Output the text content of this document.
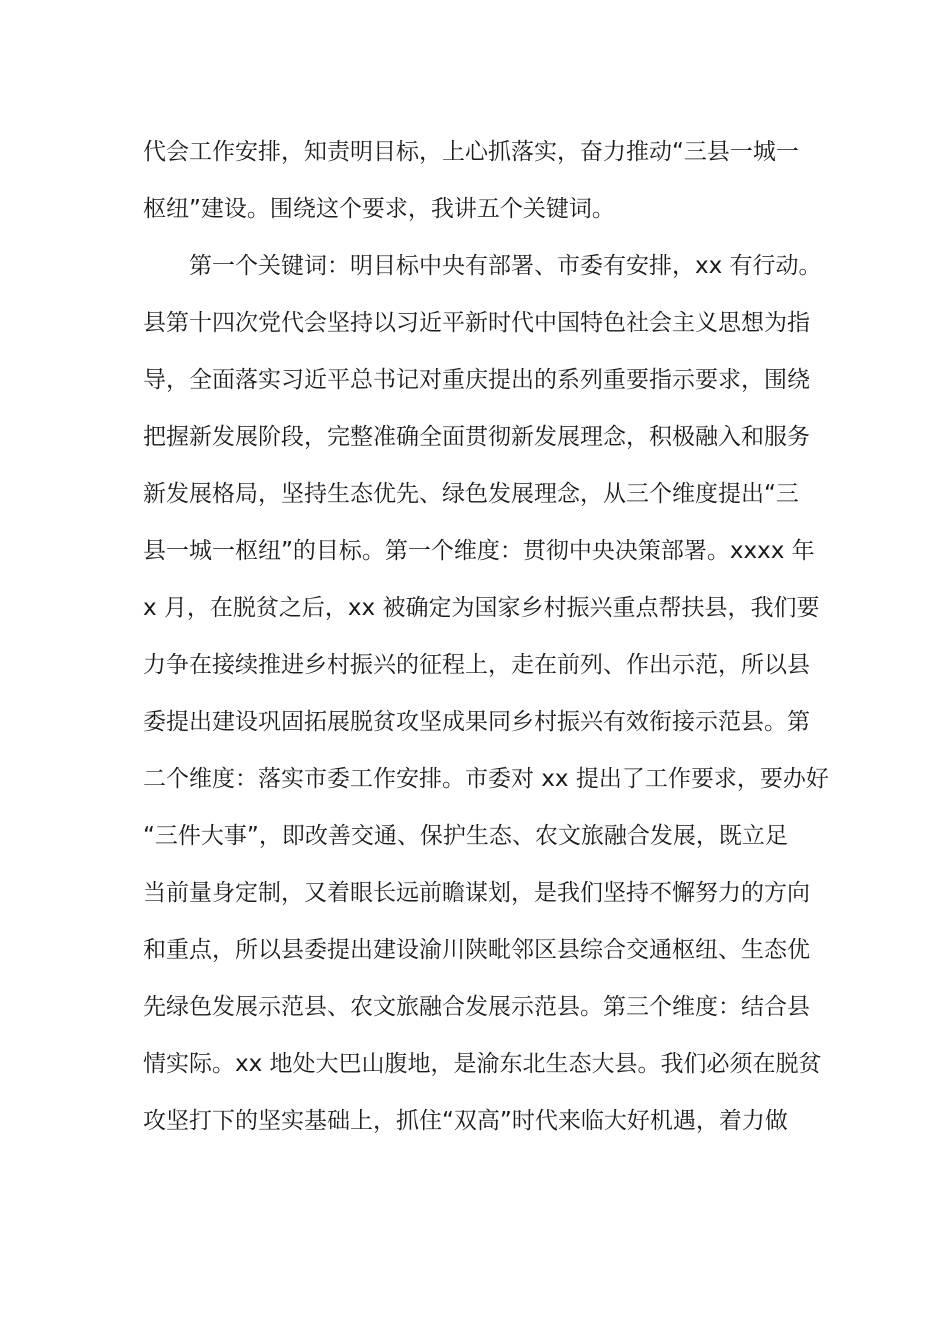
代会工作安排，知责明目标，上心抓落实，奋力推动“三县一城一
枢纽”建设。围绕这个要求，我讲五个关键词。
第一个关键词：明目标中央有部署、市委有安排，xx 有行动。
县第十四次党代会坚持以习近平新时代中国特色社会主义思想为指
导，全面落实习近平总书记对重庆提出的系列重要指示要求，围绕
把握新发展阶段，完整准确全面贯彻新发展理念，积极融入和服务
新发展格局，坚持生态优先、绿色发展理念，从三个维度提出“三
县一城一枢纽”的目标。第一个维度：贯彻中央决策部署。xxxx 年
x 月，在脱贫之后，xx 被确定为国家乡村振兴重点帮扶县，我们要
力争在接续推进乡村振兴的征程上，走在前列、作出示范，所以县
委提出建设巩固拓展脱贫攻坚成果同乡村振兴有效衔接示范县。第
二个维度：落实市委工作安排。市委对 xx 提出了工作要求，要办好
“三件大事”，即改善交通、保护生态、农文旅融合发展，既立足
当前量身定制，又着眼长远前瞻谋划，是我们坚持不懈努力的方向
和重点，所以县委提出建设渝川陕毗邻区县综合交通枢纽、生态优
先绿色发展示范县、农文旅融合发展示范县。第三个维度：结合县
情实际。xx 地处大巴山腹地，是渝东北生态大县。我们必须在脱贫
攻坚打下的坚实基础上，抓住“双高”时代来临大好机遇，着力做
